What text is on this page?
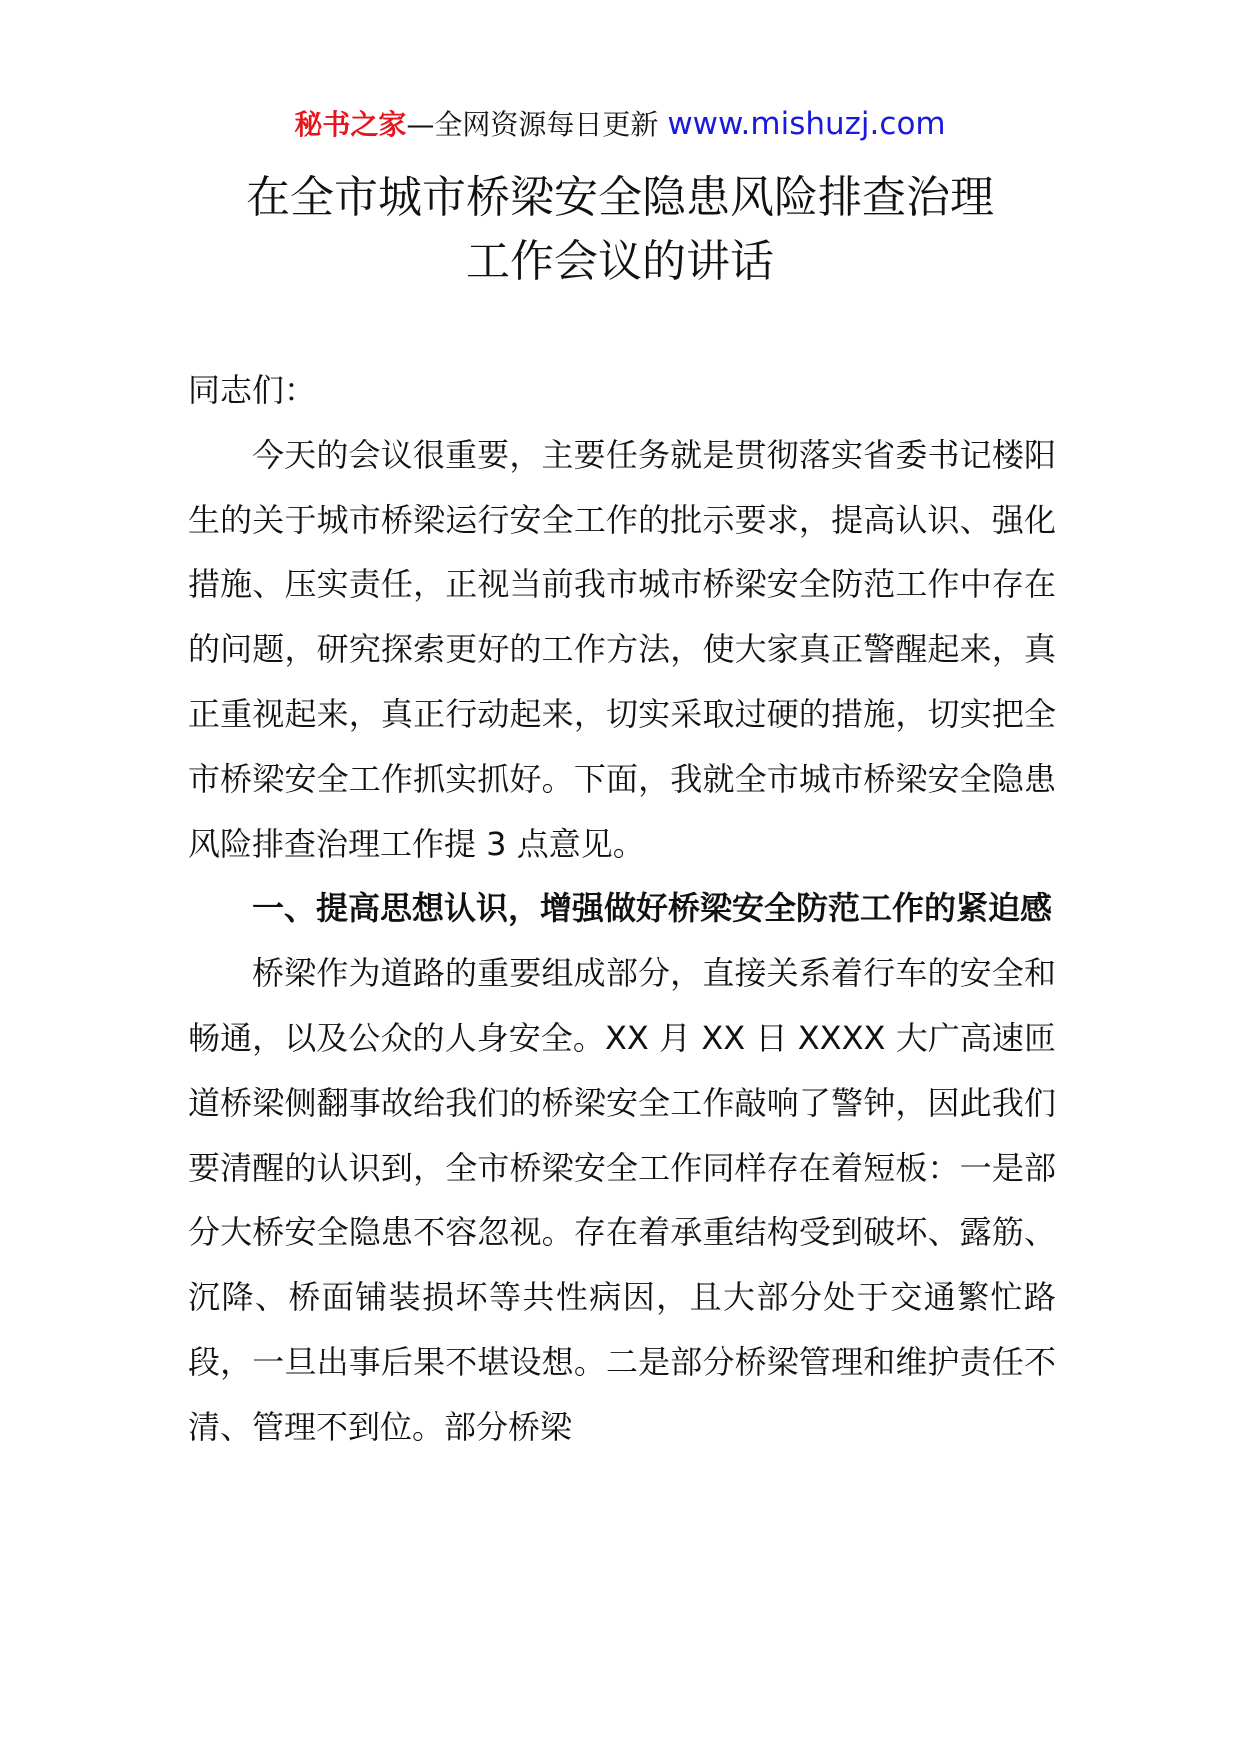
秘书之家—全网资源每日更新 www.mishuzj.com
在全市城市桥梁安全隐患风险排查治理
工作会议的讲话

同志们：

今天的会议很重要，主要任务就是贯彻落实省委书记楼阳生的关于城市桥梁运行安全工作的批示要求，提高认识、强化措施、压实责任，正视当前我市城市桥梁安全防范工作中存在的问题，研究探索更好的工作方法，使大家真正警醒起来，真正重视起来，真正行动起来，切实采取过硬的措施，切实把全市桥梁安全工作抓实抓好。下面，我就全市城市桥梁安全隐患风险排查治理工作提 3 点意见。

一、提高思想认识，增强做好桥梁安全防范工作的紧迫感

桥梁作为道路的重要组成部分，直接关系着行车的安全和畅通，以及公众的人身安全。XX 月 XX 日 XXXX 大广高速匝道桥梁侧翻事故给我们的桥梁安全工作敲响了警钟，因此我们要清醒的认识到，全市桥梁安全工作同样存在着短板：一是部分大桥安全隐患不容忽视。存在着承重结构受到破坏、露筋、沉降、桥面铺装损坏等共性病因，且大部分处于交通繁忙路段，一旦出事后果不堪设想。二是部分桥梁管理和维护责任不清、管理不到位。部分桥梁
